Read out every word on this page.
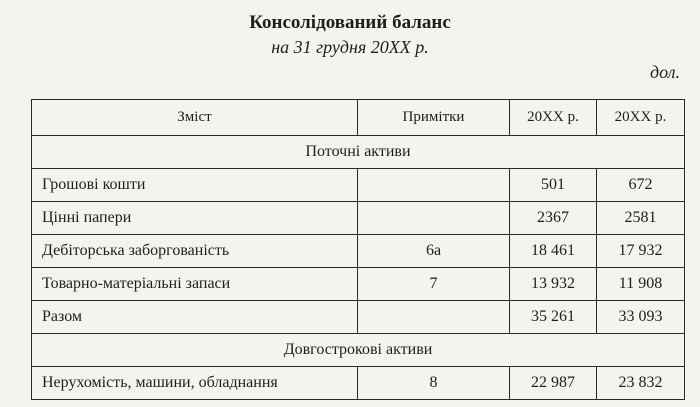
Консолідований баланс
на 31 грудня 20XX р.
дол.
Зміст	Примітки	20XX р.	20XX р.
Поточні активи			
Грошові кошти		501	672
Цінні папери		2367	2581
Дебіторська заборгованість	6а	18 461	17 932
Товарно-матеріальні запаси	7	13 932	11 908
Разом		35 261	33 093
Довгострокові активи			
Нерухомість, машини, обладнання	8	22 987	23 832
